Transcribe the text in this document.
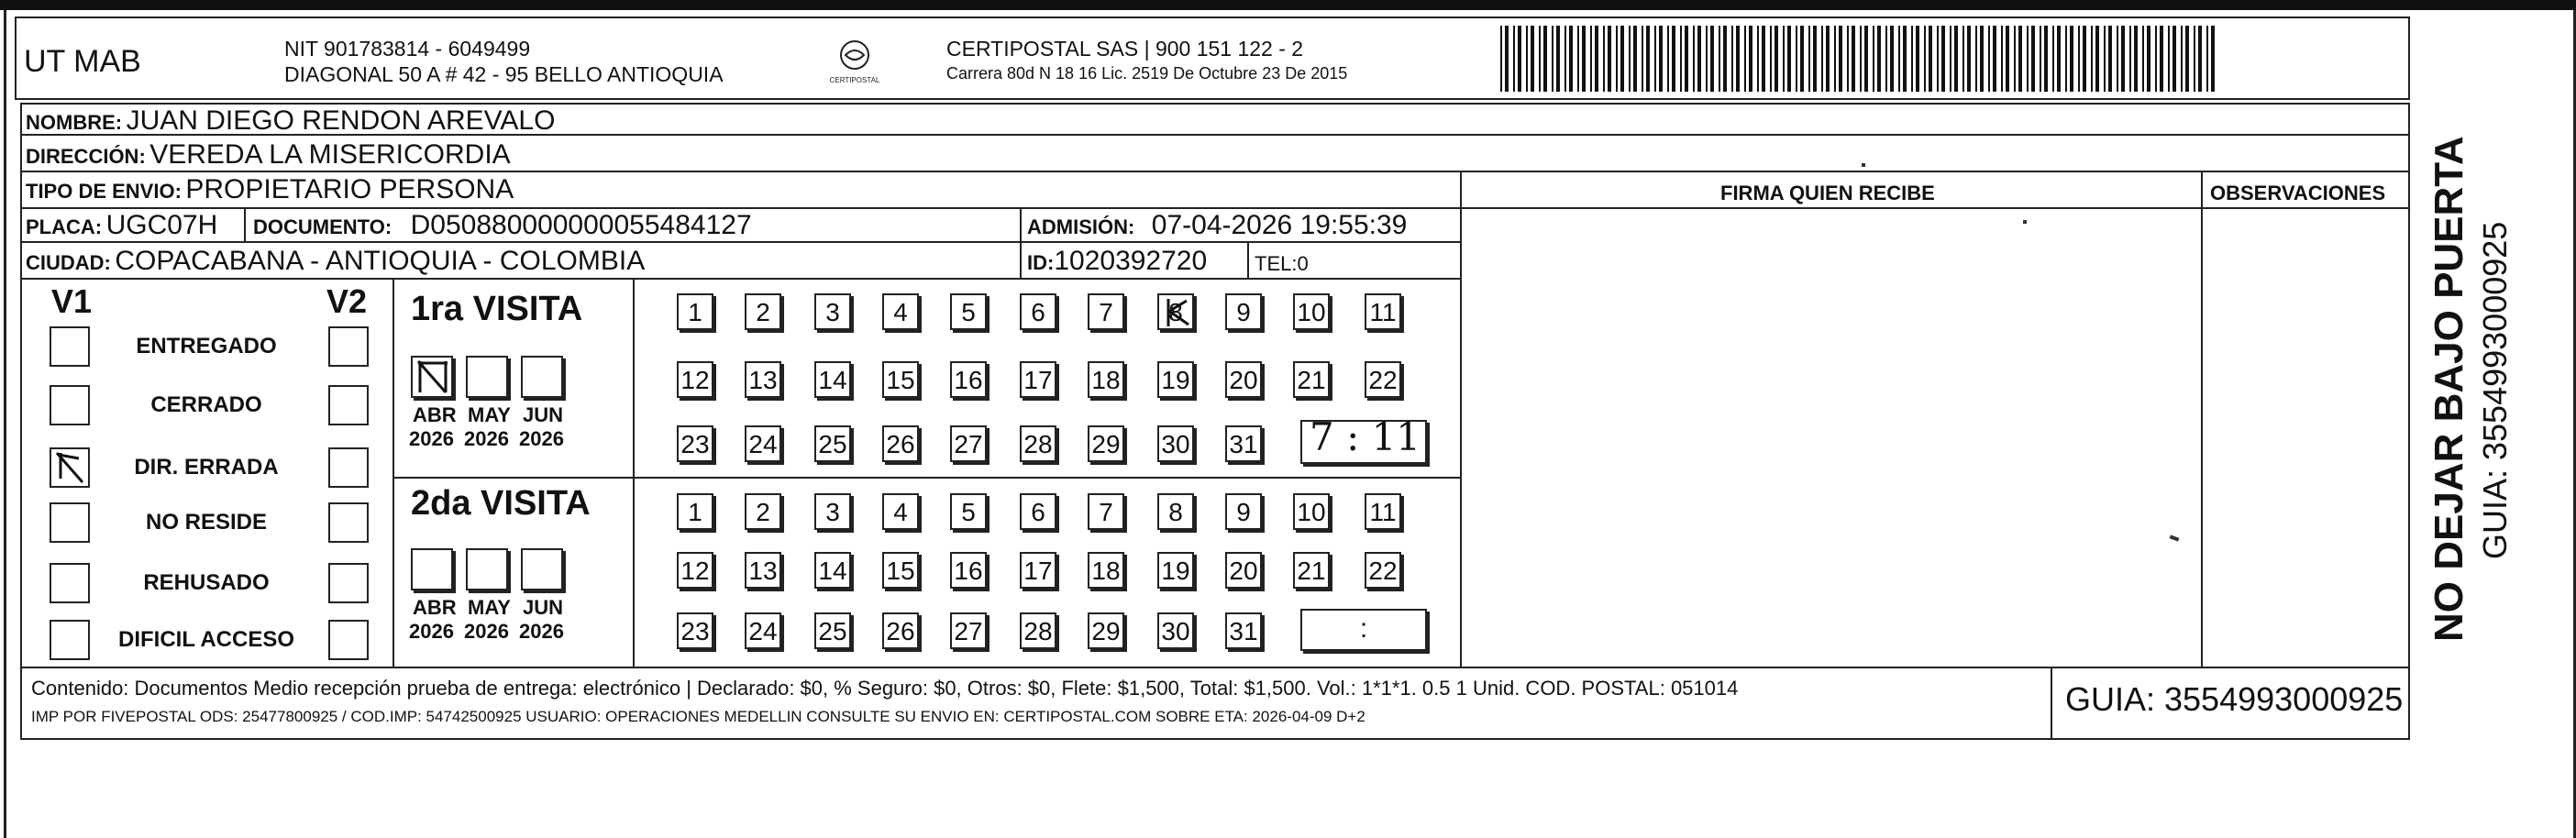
UT MAB	NIT 901783814 - 6049499
DIAGONAL 50 A # 42 - 95 BELLO ANTIOQUIA	CERTIPOSTAL
CERTIPOSTAL SAS | 900 151 122 - 2
Carrera 80d N 18 16 Lic. 2519 De Octubre 23 De 2015
NOMBRE: JUAN DIEGO RENDON AREVALO
DIRECCIÓN: VEREDA LA MISERICORDIA
TIPO DE ENVIO: PROPIETARIO PERSONA	FIRMA QUIEN RECIBE	OBSERVACIONES
PLACA: UGC07H DOCUMENTO: D050880000000055484127	ADMISIÓN: 07-04-2026 19:55:39
CIUDAD: COPACABANA - ANTIOQUIA - COLOMBIA	ID:1020392720 TEL:0
V1	V2
ENTREGADO
CERRADO
DIR. ERRADA
NO RESIDE
REHUSADO
DIFICIL ACCESO
1ra VISITA
ABR
2026
MAY
2026
JUN
2026
1	2	3	4	5	6	7	8	9	10 11
12 13 14 15 16 17 18 19 20 21 22
23 24 25 26 27 28 29 30 31 7 : 11
2da VISITA
ABR
2026
MAY
2026
JUN
2026
1	2	3	4	5	6	7	8	9	10 11
12 13 14 15 16 17 18 19 20 21 22
23 24 25 26 27 28 29 30 31	:
Contenido: Documentos Medio recepción prueba de entrega: electrónico | Declarado: $0, % Seguro: $0, Otros: $0, Flete: $1,500, Total: $1,500. Vol.: 1*1*1. 0.5 1 Unid. COD. POSTAL: 051014
IMP POR FIVEPOSTAL ODS: 25477800925 / COD.IMP: 54742500925 USUARIO: OPERACIONES MEDELLIN CONSULTE SU ENVIO EN: CERTIPOSTAL.COM SOBRE ETA: 2026-04-09 D+2	GUIA: 3554993000925
NO DEJAR BAJO PUERTA GUIA: 3554993000925
